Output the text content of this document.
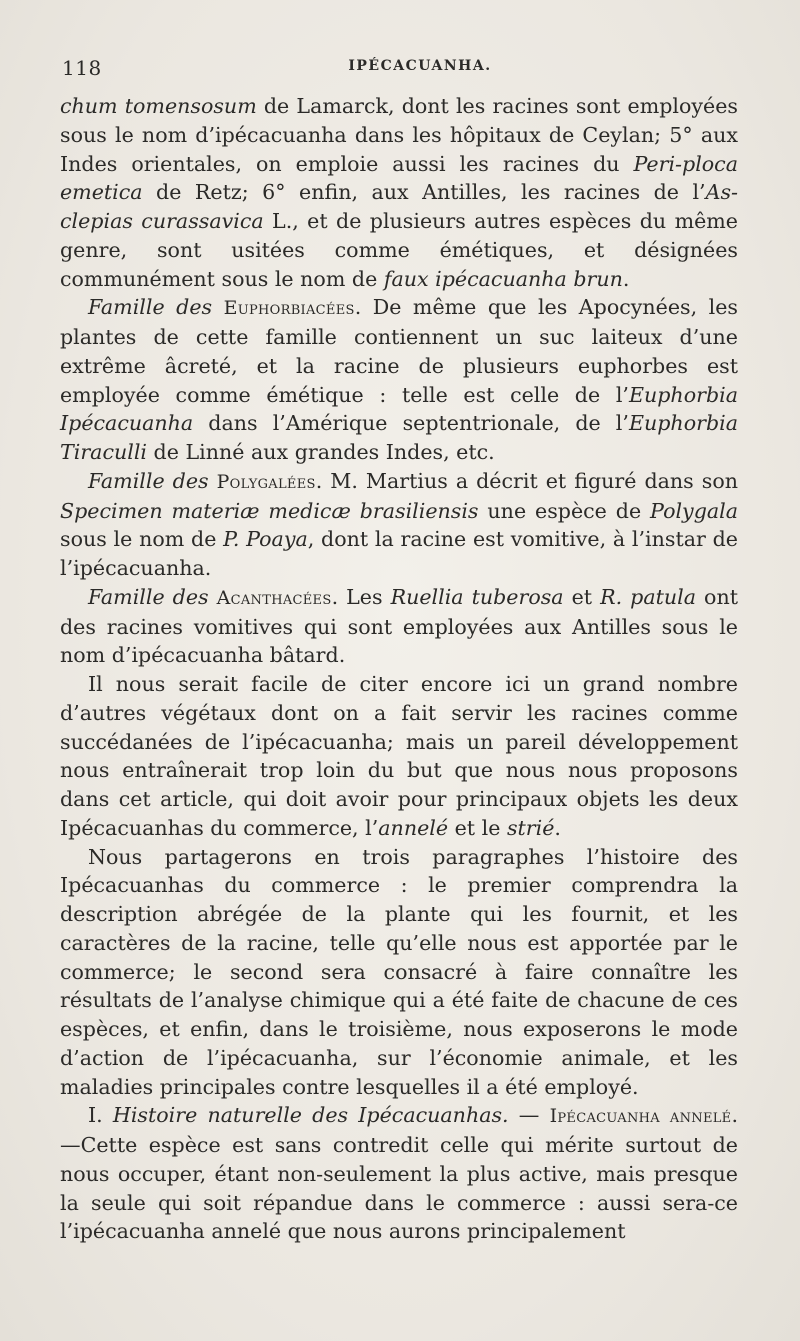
118	IPÉCACUANHA.

chum tomensosum de Lamarck, dont les racines sont employées sous le nom d’ipécacuanha dans les hôpitaux de Ceylan; 5° aux Indes orientales, on emploie aussi les racines du Peri-ploca emetica de Retz; 6° enfin, aux Antilles, les racines de l’As-clepias curassavica L., et de plusieurs autres espèces du même genre, sont usitées comme émétiques, et désignées communément sous le nom de faux ipécacuanha brun.

Famille des Euphorbiacées. De même que les Apocynées, les plantes de cette famille contiennent un suc laiteux d’une extrême âcreté, et la racine de plusieurs euphorbes est employée comme émétique : telle est celle de l’Euphorbia Ipécacuanha dans l’Amérique septentrionale, de l’Euphorbia Tiraculli de Linné aux grandes Indes, etc.

Famille des Polygalées. M. Martius a décrit et figuré dans son Specimen materiæ medicæ brasiliensis une espèce de Polygala sous le nom de P. Poaya, dont la racine est vomitive, à l’instar de l’ipécacuanha.

Famille des Acanthacées. Les Ruellia tuberosa et R. patula ont des racines vomitives qui sont employées aux Antilles sous le nom d’ipécacuanha bâtard.

Il nous serait facile de citer encore ici un grand nombre d’autres végétaux dont on a fait servir les racines comme succédanées de l’ipécacuanha; mais un pareil développement nous entraînerait trop loin du but que nous nous proposons dans cet article, qui doit avoir pour principaux objets les deux Ipécacuanhas du commerce, l’annelé et le strié.

Nous partagerons en trois paragraphes l’histoire des Ipécacuanhas du commerce : le premier comprendra la description abrégée de la plante qui les fournit, et les caractères de la racine, telle qu’elle nous est apportée par le commerce; le second sera consacré à faire connaître les résultats de l’analyse chimique qui a été faite de chacune de ces espèces, et enfin, dans le troisième, nous exposerons le mode d’action de l’ipécacuanha, sur l’économie animale, et les maladies principales contre lesquelles il a été employé.

I. Histoire naturelle des Ipécacuanhas. — Ipécacuanha annelé. —Cette espèce est sans contredit celle qui mérite surtout de nous occuper, étant non-seulement la plus active, mais presque la seule qui soit répandue dans le commerce : aussi sera-ce l’ipécacuanha annelé que nous aurons principalement
